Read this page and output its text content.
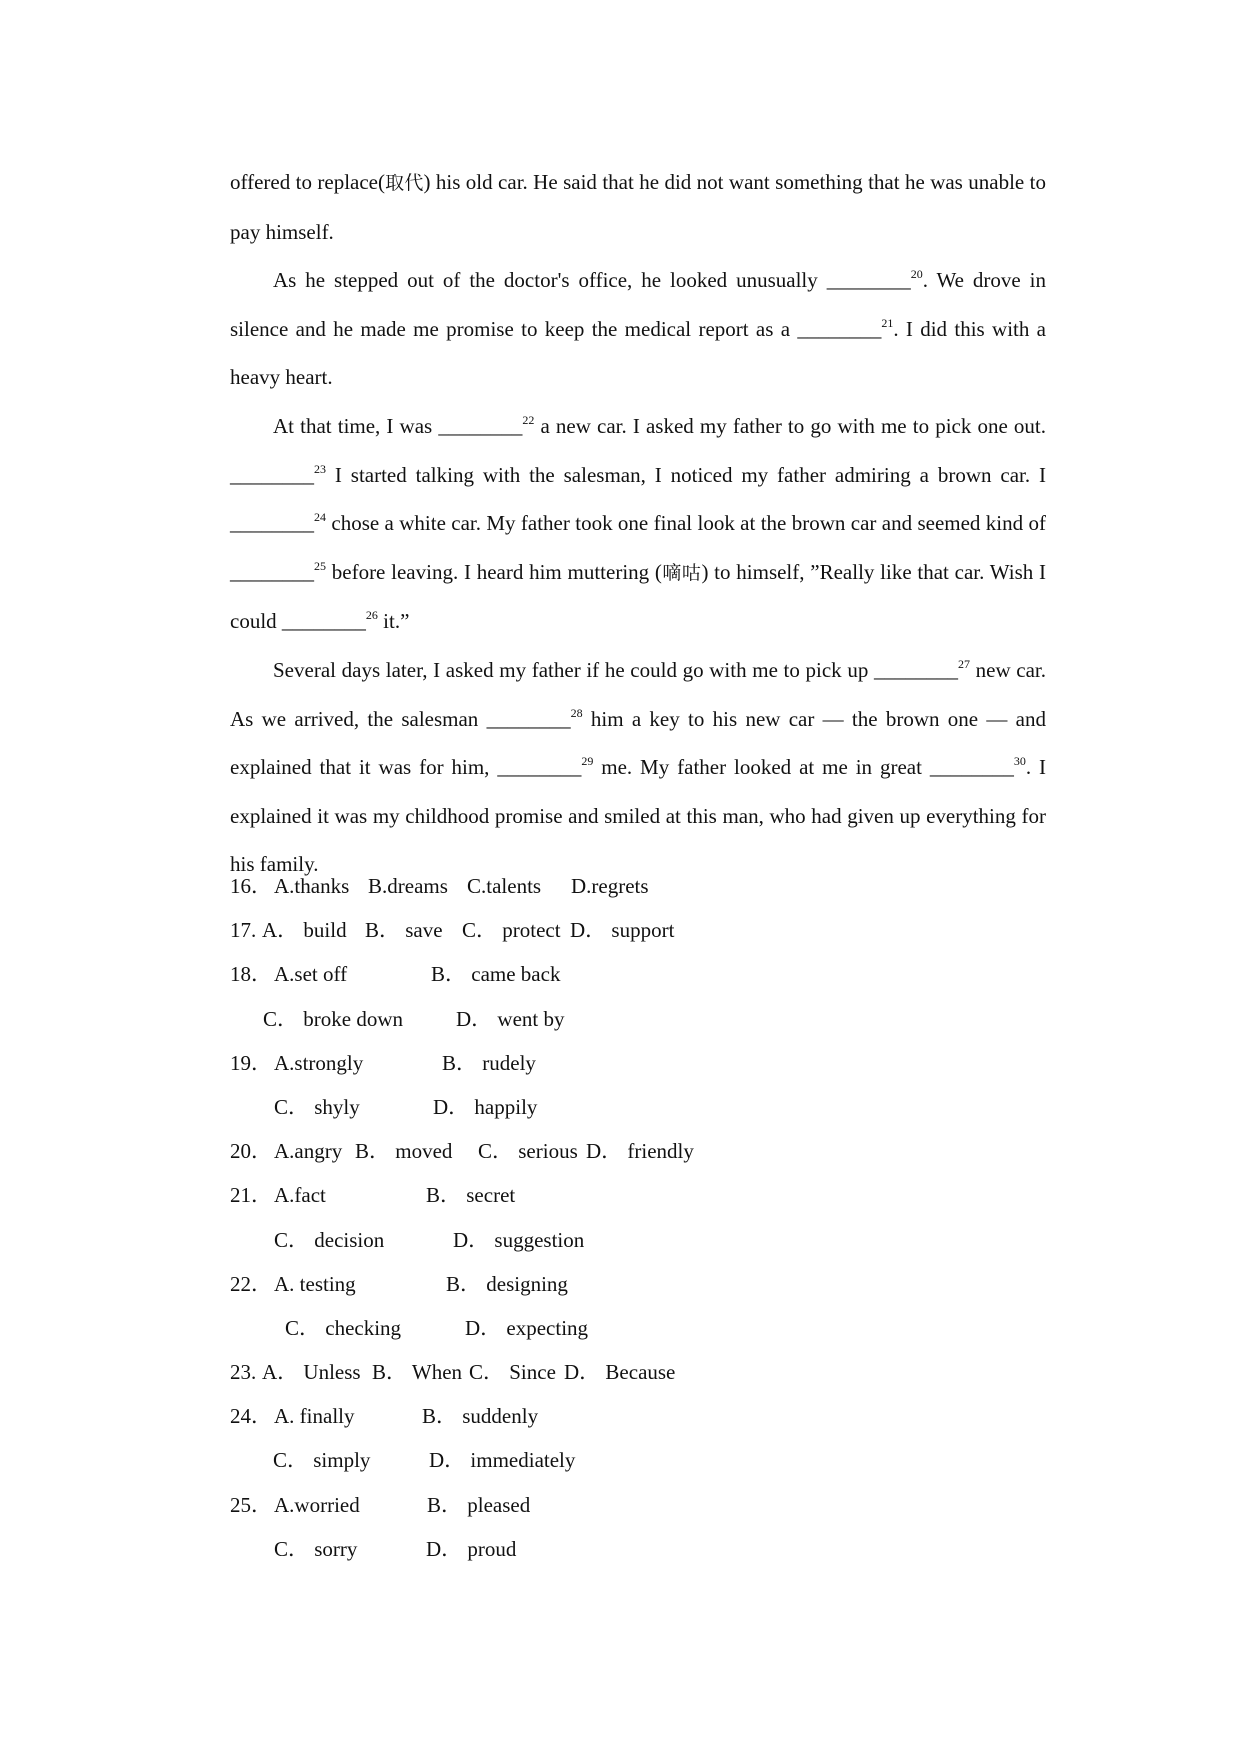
offered to replace(取代) his old car. He said that he did not want something that he was unable to pay himself.

As he stepped out of the doctor's office, he looked unusually ________$^{20}$. We drove in silence and he made me promise to keep the medical report as a ________$^{21}$. I did this with a heavy heart.

At that time, I was ________$^{22}$ a new car. I asked my father to go with me to pick one out. ________$^{23}$ I started talking with the salesman, I noticed my father admiring a brown car. I ________$^{24}$ chose a white car. My father took one final look at the brown car and seemed kind of ________$^{25}$ before leaving. I heard him muttering (嘀咕) to himself, ”Really like that car. Wish I could ________$^{26}$ it.”

Several days later, I asked my father if he could go with me to pick up ________$^{27}$ new car. As we arrived, the salesman ________$^{28}$ him a key to his new car — the brown one — and explained that it was for him, ________$^{29}$ me. My father looked at me in great ________$^{30}$. I explained it was my childhood promise and smiled at this man, who had given up everything for his family.

16．

A.thanks

B.dreams

C.talents

D.regrets

17.

A． build

B． save

C． protect

D． support

18．

A.set off

	B． came back

C． broke down

	D． went by

19．

A.strongly

	B． rudely

C． shyly

	D． happily

20．

A.angry

B． moved

C． serious

D． friendly

21．

A.fact

	B． secret

C． decision

	D． suggestion

22．

A. testing

	B． designing

C． checking

	D． expecting

23.

A． Unless

B． When

C． Since

D． Because

24．

A. finally

	B． suddenly

C． simply

	D． immediately

25．

A.worried

	B． pleased

C． sorry

	D． proud
